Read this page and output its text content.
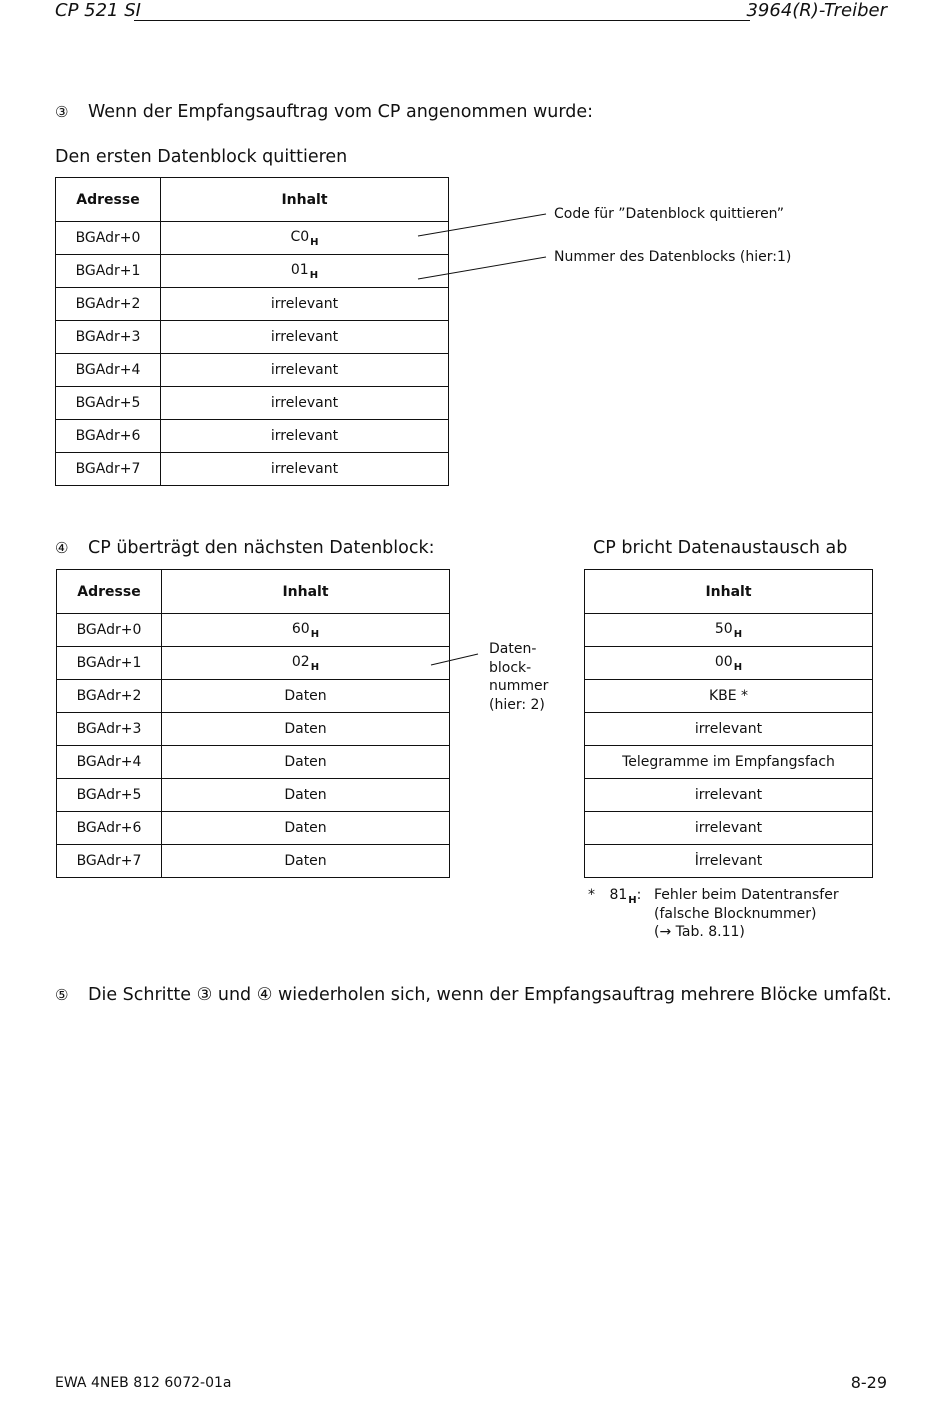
CP 521 SI	3964(R)-Treiber
③ Wenn der Empfangsauftrag vom CP angenommen wurde:
Den ersten Datenblock quittieren
Adresse	Inhalt
BGAdr+0	$C0_H$
BGAdr+1	$01_H$
BGAdr+2	irrelevant
BGAdr+3	irrelevant
BGAdr+4	irrelevant
BGAdr+5	irrelevant
BGAdr+6	irrelevant
BGAdr+7	irrelevant
Code für ”Datenblock quittieren”
Nummer des Datenblocks (hier:1)
④ CP überträgt den nächsten Datenblock:
Adresse	Inhalt
BGAdr+0	$60_H$
BGAdr+1	$02_H$
BGAdr+2	Daten
BGAdr+3	Daten
BGAdr+4	Daten
BGAdr+5	Daten
BGAdr+6	Daten
BGAdr+7	Daten
Daten-
block-
nummer
(hier: 2)
CP bricht Datenaustausch ab
Inhalt
$50_H$
$00_H$
KBE *
irrelevant
Telegramme im Empfangsfach
irrelevant
irrelevant
İrrelevant
* $81_H$: Fehler beim Datentransfer
(falsche Blocknummer)
(→ Tab. 8.11)
⑤ Die Schritte ③ und ④ wiederholen sich, wenn der Empfangsauftrag mehrere Blöcke umfaßt.
EWA 4NEB 812 6072-01a	8-29
